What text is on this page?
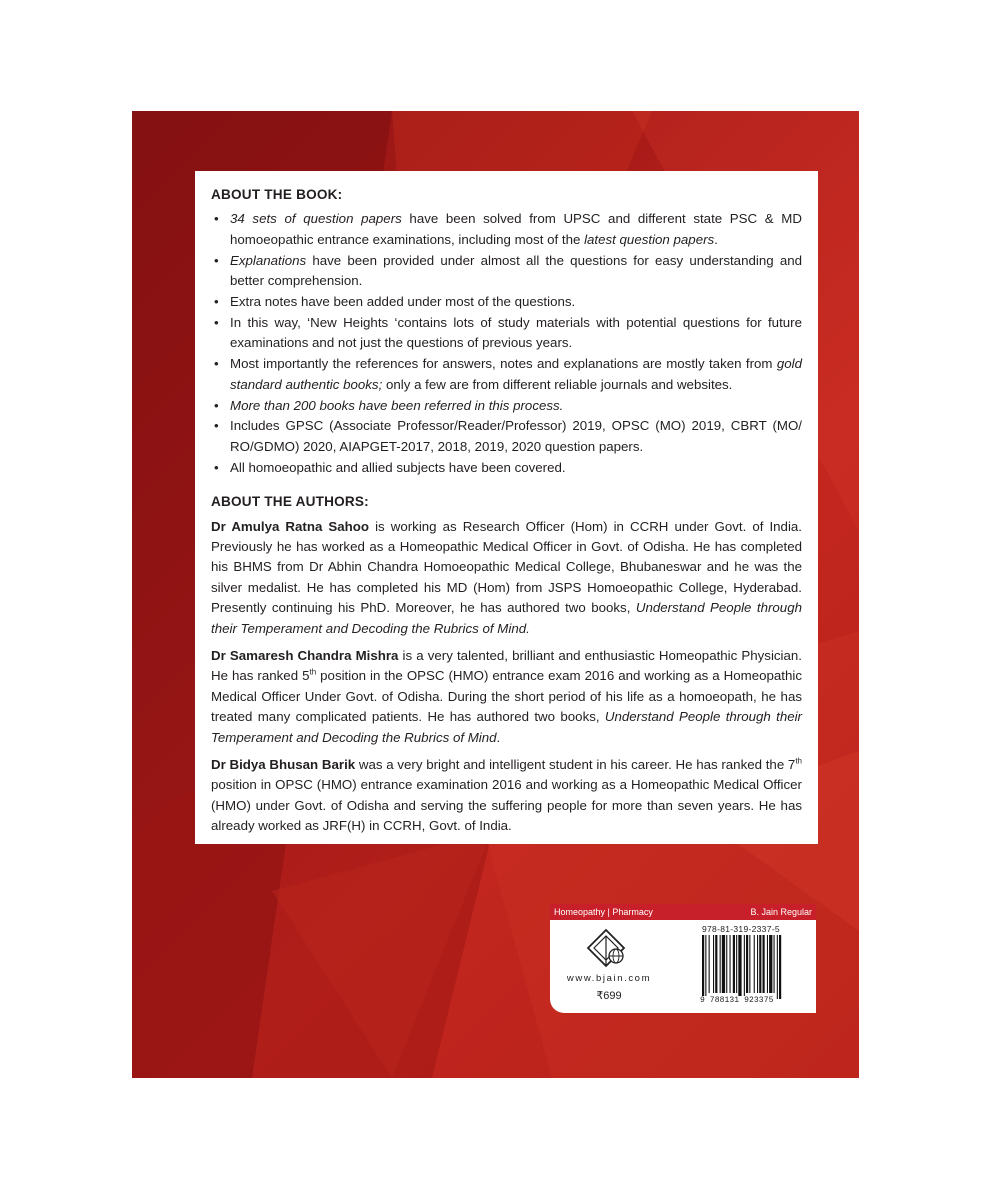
ABOUT THE BOOK:
• 34 sets of question papers have been solved from UPSC and different state PSC & MD homoeopathic entrance examinations, including most of the latest question papers.
• Explanations have been provided under almost all the questions for easy understanding and better comprehension.
• Extra notes have been added under most of the questions.
• In this way, ‘New Heights ‘contains lots of study materials with potential questions for future examinations and not just the questions of previous years.
• Most importantly the references for answers, notes and explanations are mostly taken from gold standard authentic books; only a few are from different reliable journals and websites.
• More than 200 books have been referred in this process.
• Includes GPSC (Associate Professor/Reader/Professor) 2019, OPSC (MO) 2019, CBRT (MO/ RO/GDMO) 2020, AIAPGET-2017, 2018, 2019, 2020 question papers.
• All homoeopathic and allied subjects have been covered.
ABOUT THE AUTHORS:

Dr Amulya Ratna Sahoo is working as Research Officer (Hom) in CCRH under Govt. of India. Previously he has worked as a Homeopathic Medical Officer in Govt. of Odisha. He has completed his BHMS from Dr Abhin Chandra Homoeopathic Medical College, Bhubaneswar and he was the silver medalist. He has completed his MD (Hom) from JSPS Homoeopathic College, Hyderabad. Presently continuing his PhD. Moreover, he has authored two books, Understand People through their Temperament and Decoding the Rubrics of Mind.

Dr Samaresh Chandra Mishra is a very talented, brilliant and enthusiastic Homeopathic Physician. He has ranked 5th position in the OPSC (HMO) entrance exam 2016 and working as a Homeopathic Medical Officer Under Govt. of Odisha. During the short period of his life as a homoeopath, he has treated many complicated patients. He has authored two books, Understand People through their Temperament and Decoding the Rubrics of Mind.

Dr Bidya Bhusan Barik was a very bright and intelligent student in his career. He has ranked the 7th position in OPSC (HMO) entrance examination 2016 and working as a Homeopathic Medical Officer (HMO) under Govt. of Odisha and serving the suffering people for more than seven years. He has already worked as JRF(H) in CCRH, Govt. of India.

Homeopathy | Pharmacy	B. Jain Regular
www.bjain.com
₹699
978-81-319-2337-5
9 788131 923375
